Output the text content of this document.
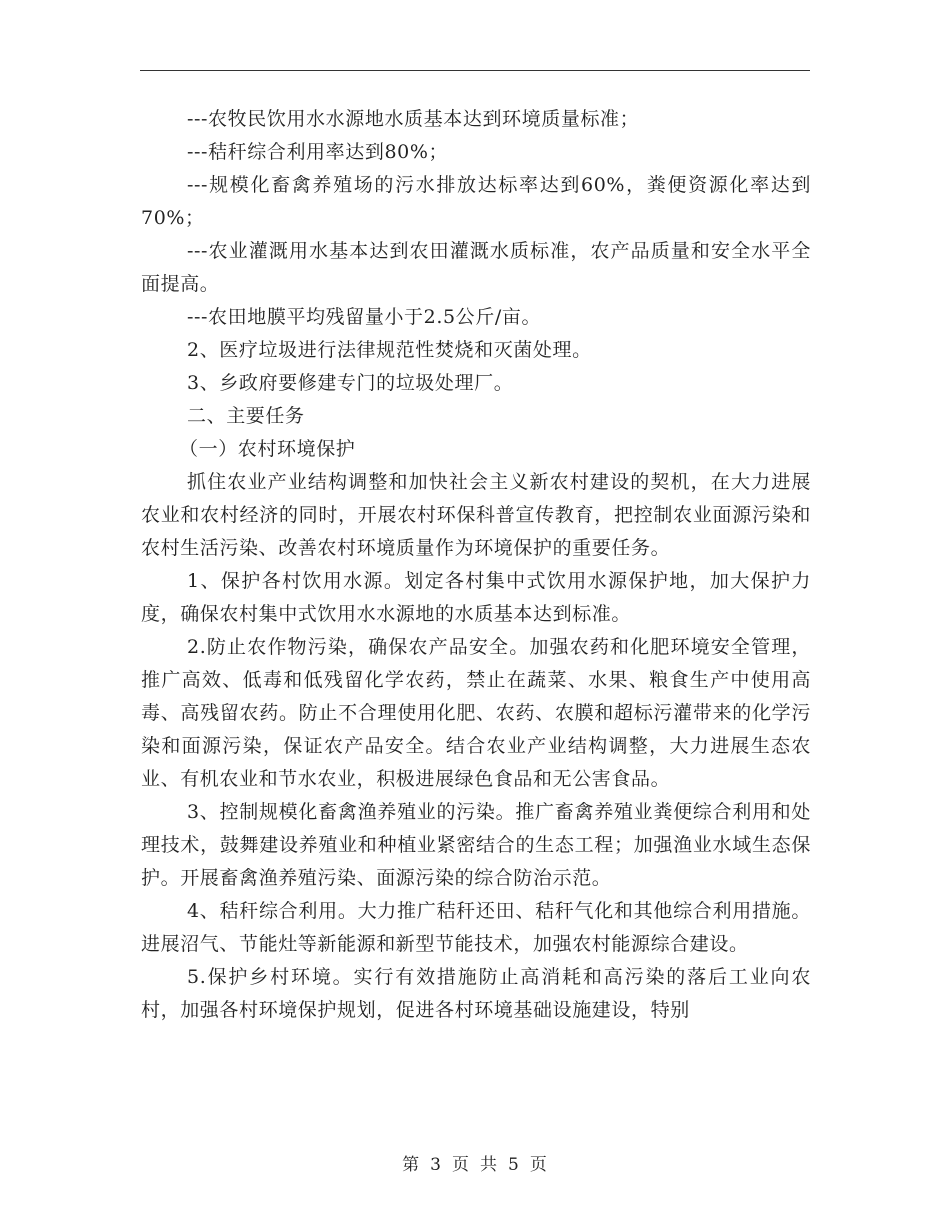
---农牧民饮用水水源地水质基本达到环境质量标准；

---秸秆综合利用率达到80%；

---规模化畜禽养殖场的污水排放达标率达到60%，粪便资源化率达到70%；

---农业灌溉用水基本达到农田灌溉水质标准，农产品质量和安全水平全面提高。

---农田地膜平均残留量小于2.5公斤/亩。

2、医疗垃圾进行法律规范性焚烧和灭菌处理。

3、乡政府要修建专门的垃圾处理厂。

二、主要任务

（一）农村环境保护

抓住农业产业结构调整和加快社会主义新农村建设的契机，在大力进展农业和农村经济的同时，开展农村环保科普宣传教育，把控制农业面源污染和农村生活污染、改善农村环境质量作为环境保护的重要任务。

1、保护各村饮用水源。划定各村集中式饮用水源保护地，加大保护力度，确保农村集中式饮用水水源地的水质基本达到标准。

2.防止农作物污染，确保农产品安全。加强农药和化肥环境安全管理，推广高效、低毒和低残留化学农药，禁止在蔬菜、水果、粮食生产中使用高毒、高残留农药。防止不合理使用化肥、农药、农膜和超标污灌带来的化学污染和面源污染，保证农产品安全。结合农业产业结构调整，大力进展生态农业、有机农业和节水农业，积极进展绿色食品和无公害食品。

3、控制规模化畜禽渔养殖业的污染。推广畜禽养殖业粪便综合利用和处理技术，鼓舞建设养殖业和种植业紧密结合的生态工程；加强渔业水域生态保护。开展畜禽渔养殖污染、面源污染的综合防治示范。

4、秸秆综合利用。大力推广秸秆还田、秸秆气化和其他综合利用措施。进展沼气、节能灶等新能源和新型节能技术，加强农村能源综合建设。

5.保护乡村环境。实行有效措施防止高消耗和高污染的落后工业向农村，加强各村环境保护规划，促进各村环境基础设施建设，特别

第 3 页 共 5 页
